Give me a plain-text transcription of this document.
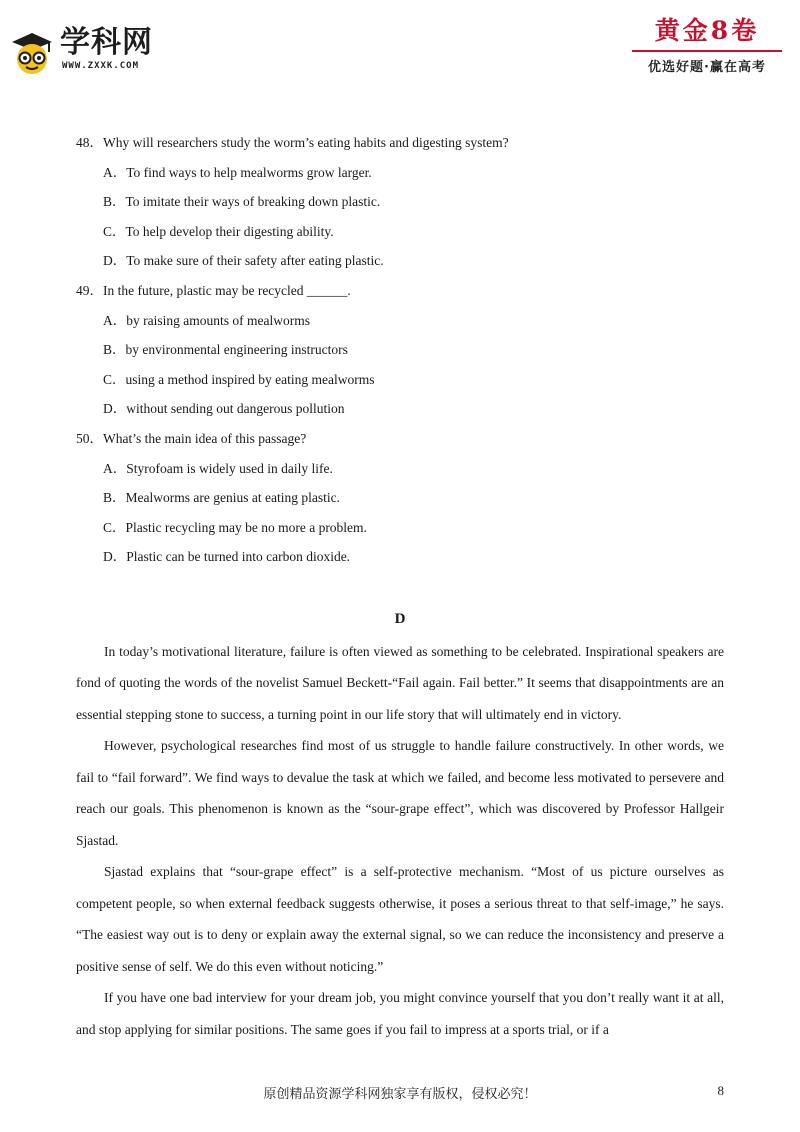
学科网
WWW.ZXXK.COM
黄金8卷
优选好题·赢在高考

48．Why will researchers study the worm’s eating habits and digesting system?

A．To find ways to help mealworms grow larger.

B．To imitate their ways of breaking down plastic.

C．To help develop their digesting ability.

D．To make sure of their safety after eating plastic.

49．In the future, plastic may be recycled ______.

A．by raising amounts of mealworms

B．by environmental engineering instructors

C．using a method inspired by eating mealworms

D．without sending out dangerous pollution

50．What’s the main idea of this passage?

A．Styrofoam is widely used in daily life.

B．Mealworms are genius at eating plastic.

C．Plastic recycling may be no more a problem.

D．Plastic can be turned into carbon dioxide.

D

In today’s motivational literature, failure is often viewed as something to be celebrated. Inspirational speakers are fond of quoting the words of the novelist Samuel Beckett-“Fail again. Fail better.” It seems that disappointments are an essential stepping stone to success, a turning point in our life story that will ultimately end in victory.

However, psychological researches find most of us struggle to handle failure constructively. In other words, we fail to “fail forward”. We find ways to devalue the task at which we failed, and become less motivated to persevere and reach our goals. This phenomenon is known as the “sour-grape effect”, which was discovered by Professor Hallgeir Sjastad.

Sjastad explains that “sour-grape effect” is a self-protective mechanism. “Most of us picture ourselves as competent people, so when external feedback suggests otherwise, it poses a serious threat to that self-image,” he says. “The easiest way out is to deny or explain away the external signal, so we can reduce the inconsistency and preserve a positive sense of self. We do this even without noticing.”

If you have one bad interview for your dream job, you might convince yourself that you don’t really want it at all, and stop applying for similar positions. The same goes if you fail to impress at a sports trial, or if a

原创精品资源学科网独家享有版权，侵权必究！	8
